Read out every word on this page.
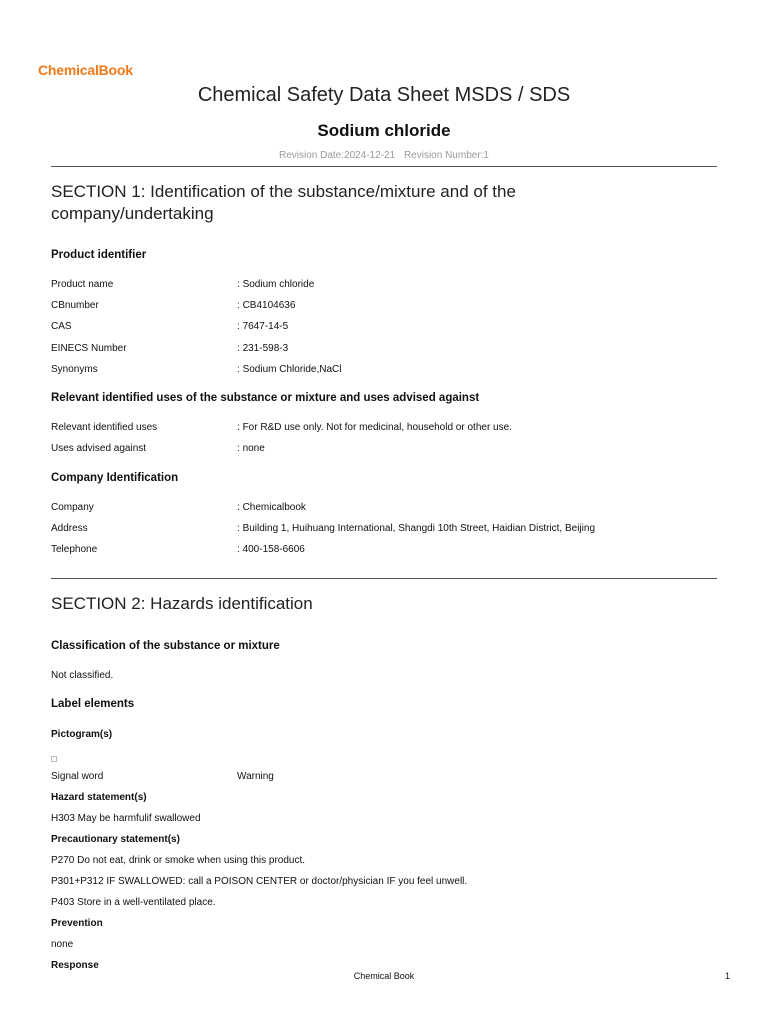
ChemicalBook
Chemical Safety Data Sheet MSDS / SDS
Sodium chloride
Revision Date:2024-12-21 Revision Number:1
SECTION 1: Identification of the substance/mixture and of the company/undertaking
Product identifier
Product name	: Sodium chloride
CBnumber	: CB4104636
CAS	: 7647-14-5
EINECS Number	: 231-598-3
Synonyms	: Sodium Chloride,NaCl
Relevant identified uses of the substance or mixture and uses advised against
Relevant identified uses	: For R&D use only. Not for medicinal, household or other use.
Uses advised against	: none
Company Identification
Company	: Chemicalbook
Address	: Building 1, Huihuang International, Shangdi 10th Street, Haidian District, Beijing
Telephone	: 400-158-6606
SECTION 2: Hazards identification
Classification of the substance or mixture
Not classified.
Label elements
Pictogram(s)
Signal word	Warning
Hazard statement(s)
H303 May be harmfulif swallowed
Precautionary statement(s)
P270 Do not eat, drink or smoke when using this product.
P301+P312 IF SWALLOWED: call a POISON CENTER or doctor/physician IF you feel unwell.
P403 Store in a well-ventilated place.
Prevention
none
Response
Chemical Book	1
